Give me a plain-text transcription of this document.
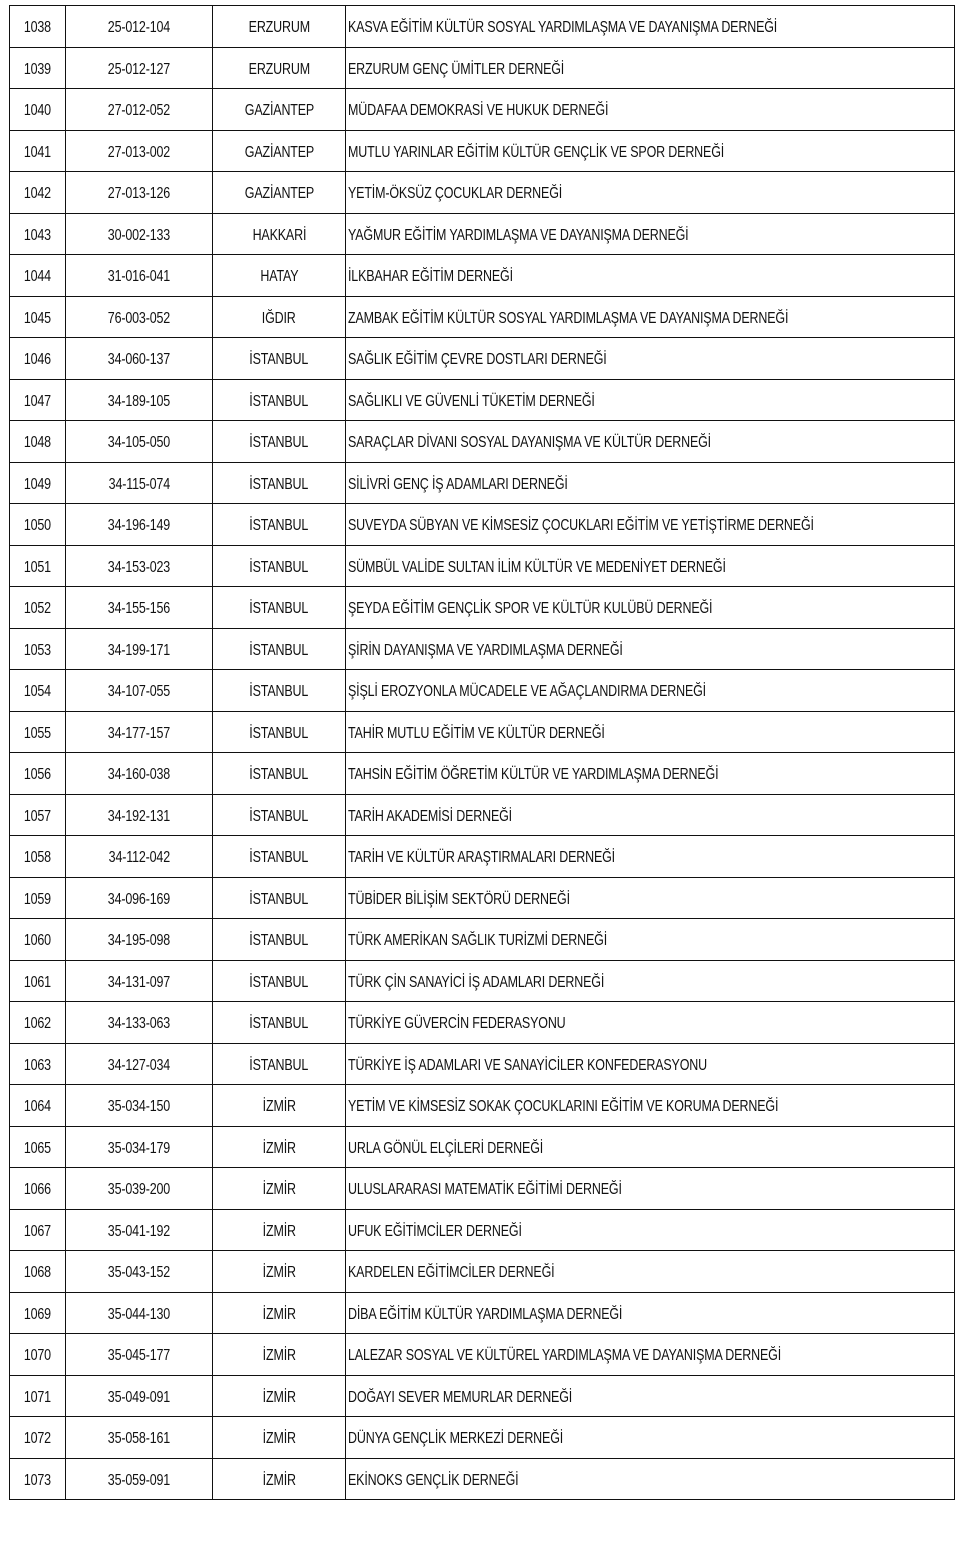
1038	25-012-104	ERZURUM	KASVA EĞİTİM KÜLTÜR SOSYAL YARDIMLAŞMA VE DAYANIŞMA DERNEĞİ
1039	25-012-127	ERZURUM	ERZURUM GENÇ ÜMİTLER DERNEĞİ
1040	27-012-052	GAZİANTEP	MÜDAFAA DEMOKRASİ VE HUKUK DERNEĞİ
1041	27-013-002	GAZİANTEP	MUTLU YARINLAR EĞİTİM KÜLTÜR GENÇLİK VE SPOR DERNEĞİ
1042	27-013-126	GAZİANTEP	YETİM-ÖKSÜZ ÇOCUKLAR DERNEĞİ
1043	30-002-133	HAKKARİ	YAĞMUR EĞİTİM YARDIMLAŞMA VE DAYANIŞMA DERNEĞİ
1044	31-016-041	HATAY	İLKBAHAR EĞİTİM DERNEĞİ
1045	76-003-052	IĞDIR	ZAMBAK EĞİTİM KÜLTÜR SOSYAL YARDIMLAŞMA VE DAYANIŞMA DERNEĞİ
1046	34-060-137	İSTANBUL	SAĞLIK EĞİTİM ÇEVRE DOSTLARI DERNEĞİ
1047	34-189-105	İSTANBUL	SAĞLIKLI VE GÜVENLİ TÜKETİM DERNEĞİ
1048	34-105-050	İSTANBUL	SARAÇLAR DİVANI SOSYAL DAYANIŞMA VE KÜLTÜR DERNEĞİ
1049	34-115-074	İSTANBUL	SİLİVRİ GENÇ İŞ ADAMLARI DERNEĞİ
1050	34-196-149	İSTANBUL	SUVEYDA SÜBYAN VE KİMSESİZ ÇOCUKLARI EĞİTİM VE YETİŞTİRME DERNEĞİ
1051	34-153-023	İSTANBUL	SÜMBÜL VALİDE SULTAN İLİM KÜLTÜR VE MEDENİYET DERNEĞİ
1052	34-155-156	İSTANBUL	ŞEYDA EĞİTİM GENÇLİK SPOR VE KÜLTÜR KULÜBÜ DERNEĞİ
1053	34-199-171	İSTANBUL	ŞİRİN DAYANIŞMA VE YARDIMLAŞMA DERNEĞİ
1054	34-107-055	İSTANBUL	ŞİŞLİ EROZYONLA MÜCADELE VE AĞAÇLANDIRMA DERNEĞİ
1055	34-177-157	İSTANBUL	TAHİR MUTLU EĞİTİM VE KÜLTÜR DERNEĞİ
1056	34-160-038	İSTANBUL	TAHSİN EĞİTİM ÖĞRETİM KÜLTÜR VE YARDIMLAŞMA DERNEĞİ
1057	34-192-131	İSTANBUL	TARİH AKADEMİSİ DERNEĞİ
1058	34-112-042	İSTANBUL	TARİH VE KÜLTÜR ARAŞTIRMALARI DERNEĞİ
1059	34-096-169	İSTANBUL	TÜBİDER BİLİŞİM SEKTÖRÜ DERNEĞİ
1060	34-195-098	İSTANBUL	TÜRK AMERİKAN SAĞLIK TURİZMİ DERNEĞİ
1061	34-131-097	İSTANBUL	TÜRK ÇİN SANAYİCİ İŞ ADAMLARI DERNEĞİ
1062	34-133-063	İSTANBUL	TÜRKİYE GÜVERCİN FEDERASYONU
1063	34-127-034	İSTANBUL	TÜRKİYE İŞ ADAMLARI VE SANAYİCİLER KONFEDERASYONU
1064	35-034-150	İZMİR	YETİM VE KİMSESİZ SOKAK ÇOCUKLARINI EĞİTİM VE KORUMA DERNEĞİ
1065	35-034-179	İZMİR	URLA GÖNÜL ELÇİLERİ DERNEĞİ
1066	35-039-200	İZMİR	ULUSLARARASI MATEMATİK EĞİTİMİ DERNEĞİ
1067	35-041-192	İZMİR	UFUK EĞİTİMCİLER DERNEĞİ
1068	35-043-152	İZMİR	KARDELEN EĞİTİMCİLER DERNEĞİ
1069	35-044-130	İZMİR	DİBA EĞİTİM KÜLTÜR YARDIMLAŞMA DERNEĞİ
1070	35-045-177	İZMİR	LALEZAR SOSYAL VE KÜLTÜREL YARDIMLAŞMA VE DAYANIŞMA DERNEĞİ
1071	35-049-091	İZMİR	DOĞAYI SEVER MEMURLAR DERNEĞİ
1072	35-058-161	İZMİR	DÜNYA GENÇLİK MERKEZİ DERNEĞİ
1073	35-059-091	İZMİR	EKİNOKS GENÇLİK DERNEĞİ
